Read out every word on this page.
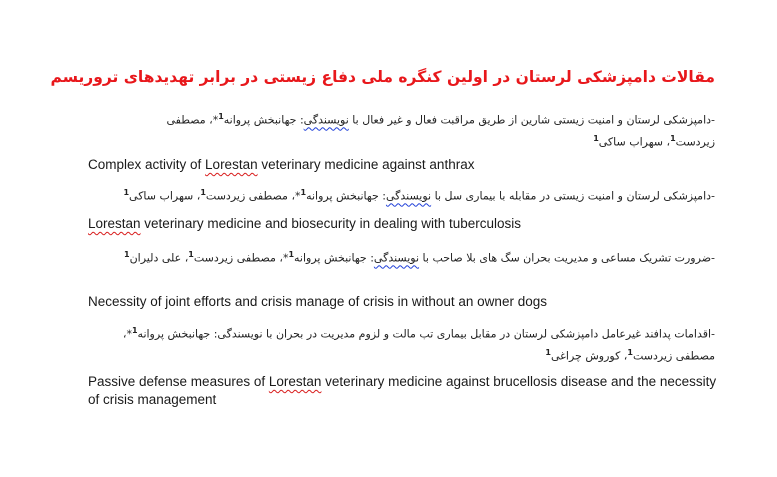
مقالات دامپزشکی لرستان در اولین کنگره ملی دفاع زیستی در برابر تهدیدهای تروریسم
-دامپزشکی لرستان و امنیت زیستی شارین از طریق مراقبت فعال و غیر فعال با نویسندگی: جهانبخش پروانه$^1$*، مصطفی زیردست$^1$، سهراب ساکی$^1$
Complex activity of Lorestan veterinary medicine against anthrax
-دامپزشکی لرستان و امنیت زیستی در مقابله با بیماری سل با نویسندگی: جهانبخش پروانه$^1$*، مصطفی زیردست$^1$، سهراب ساکی$^1$
Lorestan veterinary medicine and biosecurity in dealing with tuberculosis
-ضرورت تشریک مساعی و مدیریت بحران سگ های بلا صاحب با نویسندگی: جهانبخش پروانه$^1$*، مصطفی زیردست$^1$، علی دلیران$^1$
Necessity of joint efforts and crisis manage of crisis in without an owner dogs
-اقدامات پدافند غیرعامل دامپزشکی لرستان در مقابل بیماری تب مالت و لزوم مدیریت در بحران با نویسندگی: جهانبخش پروانه$^1$*، مصطفی زیردست$^1$، کوروش چراغی$^1$
Passive defense measures of Lorestan veterinary medicine against brucellosis disease and the necessity of crisis management
